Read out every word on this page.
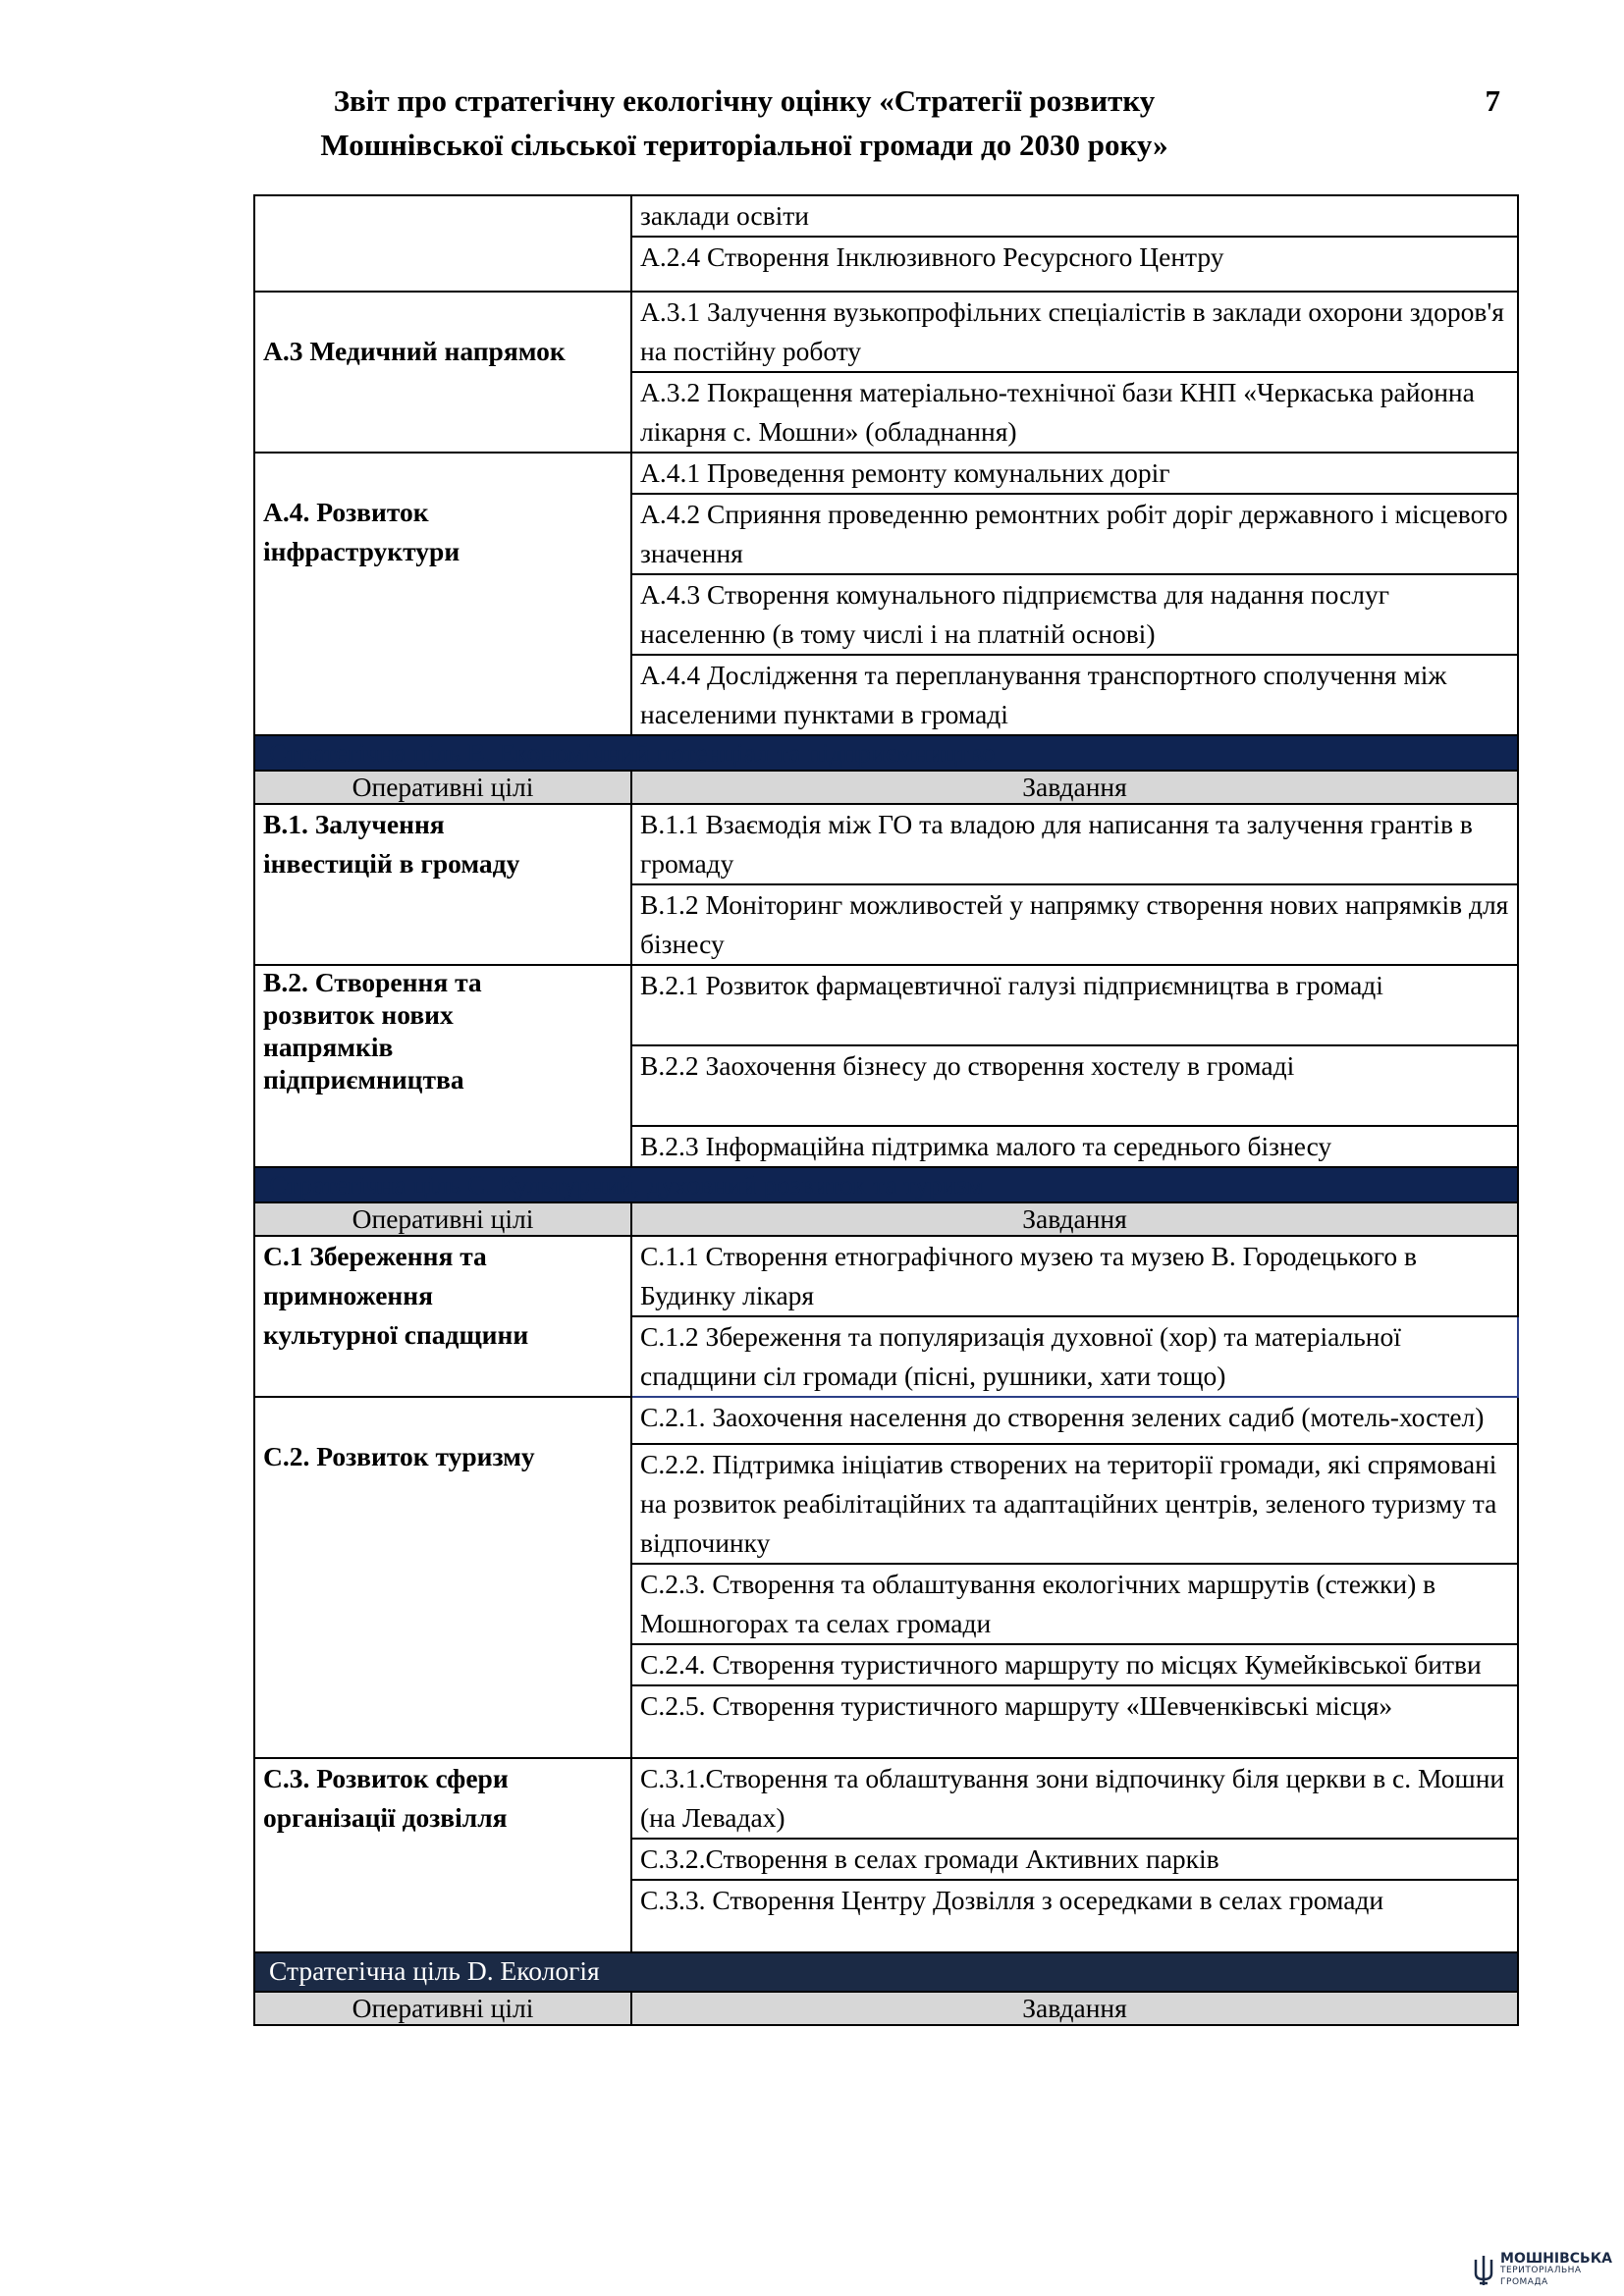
Звіт про стратегічну екологічну оцінку «Стратегії розвитку
Мошнівської сільської територіальної громади до 2030 року»
7
	заклади освіти
	А.2.4 Створення Інклюзивного Ресурсного Центру
А.3 Медичний напрямок	А.3.1 Залучення вузькопрофільних спеціалістів в заклади охорони здоров'я на постійну роботу
	А.3.2 Покращення матеріально-технічної бази КНП «Черкаська районна лікарня с. Мошни» (обладнання)
А.4. Розвиток інфраструктури	А.4.1 Проведення ремонту комунальних доріг
	А.4.2 Сприяння проведенню ремонтних робіт доріг державного і місцевого значення
	А.4.3 Створення комунального підприємства для надання послуг населенню (в тому числі і на платній основі)
	А.4.4 Дослідження та перепланування транспортного сполучення між населеними пунктами в громаді
Стратегічна ціль В. Економічний потенціал та підприємництво	
Оперативні цілі	Завдання
В.1. Залучення інвестицій в громаду	В.1.1 Взаємодія між ГО та владою для написання та залучення грантів в громаду
	В.1.2 Моніторинг можливостей у напрямку створення нових напрямків для бізнесу
В.2. Створення та розвиток нових напрямків підприємництва	В.2.1 Розвиток фармацевтичної галузі підприємництва в громаді
	В.2.2 Заохочення бізнесу до створення хостелу в громаді
	В.2.3 Інформаційна підтримка малого та середнього бізнесу
Стратегічна ціль С. Культурний, духовний розвиток та туризм	
Оперативні цілі	Завдання
С.1 Збереження та примноження культурної спадщини	С.1.1 Створення етнографічного музею та музею В. Городецького в Будинку лікаря
	С.1.2 Збереження та популяризація духовної (хор) та матеріальної спадщини сіл громади (пісні, рушники, хати тощо)
С.2. Розвиток туризму	С.2.1. Заохочення населення до створення зелених садиб (мотель-хостел)
	С.2.2. Підтримка ініціатив створених на території громади, які спрямовані на розвиток реабілітаційних та адаптаційних центрів, зеленого туризму та відпочинку
	С.2.3. Створення та облаштування екологічних маршрутів (стежки) в Мошногорах та селах громади
	С.2.4. Створення туристичного маршруту по місцях Кумейківської битви
	С.2.5. Створення туристичного маршруту «Шевченківські місця»
С.3. Розвиток сфери організації дозвілля	С.3.1.Створення та облаштування зони відпочинку біля церкви в с. Мошни (на Левадах)
	С.3.2.Створення в селах громади Активних парків
	С.3.3. Створення Центру Дозвілля з осередками в селах громади
Стратегічна ціль D. Екологія	
Оперативні цілі	Завдання
МОШНІВСЬКА
ТЕРИТОРІАЛЬНА
ГРОМАДА
